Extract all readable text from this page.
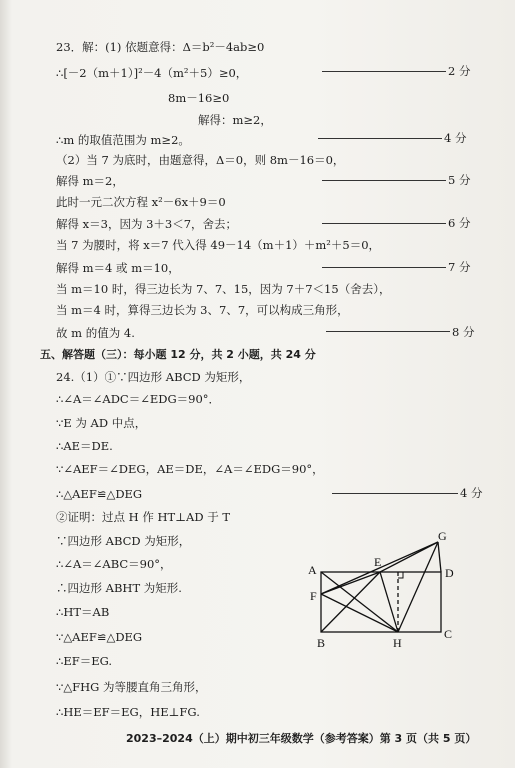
23．解：(1) 依题意得：Δ＝b²－4ab≥0
∴[－2（m＋1）]²－4（m²＋5）≥0，	2 分
8m－16≥0
解得：m≥2，
∴m 的取值范围为 m≥2。	4 分
（2）当 7 为底时，由题意得，Δ＝0，则 8m－16＝0，
解得 m＝2，	5 分
此时一元二次方程 x²－6x＋9＝0
解得 x＝3，因为 3＋3＜7，舍去；	6 分
当 7 为腰时，将 x＝7 代入得 49－14（m＋1）＋m²＋5＝0，
解得 m＝4 或 m＝10，	7 分
当 m＝10 时，得三边长为 7、7、15，因为 7＋7＜15（舍去），
当 m＝4 时，算得三边长为 3、7、7，可以构成三角形，
故 m 的值为 4.	8 分
五、解答题（三）：每小题 12 分，共 2 小题，共 24 分
24.（1）①∵四边形 ABCD 为矩形，
∴∠A＝∠ADC＝∠EDG＝90°．
∵E 为 AD 中点，
∴AE＝DE.
∵∠AEF＝∠DEG，AE＝DE，∠A＝∠EDG＝90°，
∴△AEF≌△DEG	4 分
②证明：过点 H 作 HT⊥AD 于 T
∵四边形 ABCD 为矩形，
∴∠A＝∠ABC＝90°，
∴四边形 ABHT 为矩形.
∴HT＝AB
∵△AEF≌△DEG
∴EF＝EG.
∵△FHG 为等腰直角三角形，
∴HE＝EF＝EG，HE⊥FG.
A
F
B	H
C
E
G
D
2023–2024（上）期中初三年级数学（参考答案）第 3 页（共 5 页）
